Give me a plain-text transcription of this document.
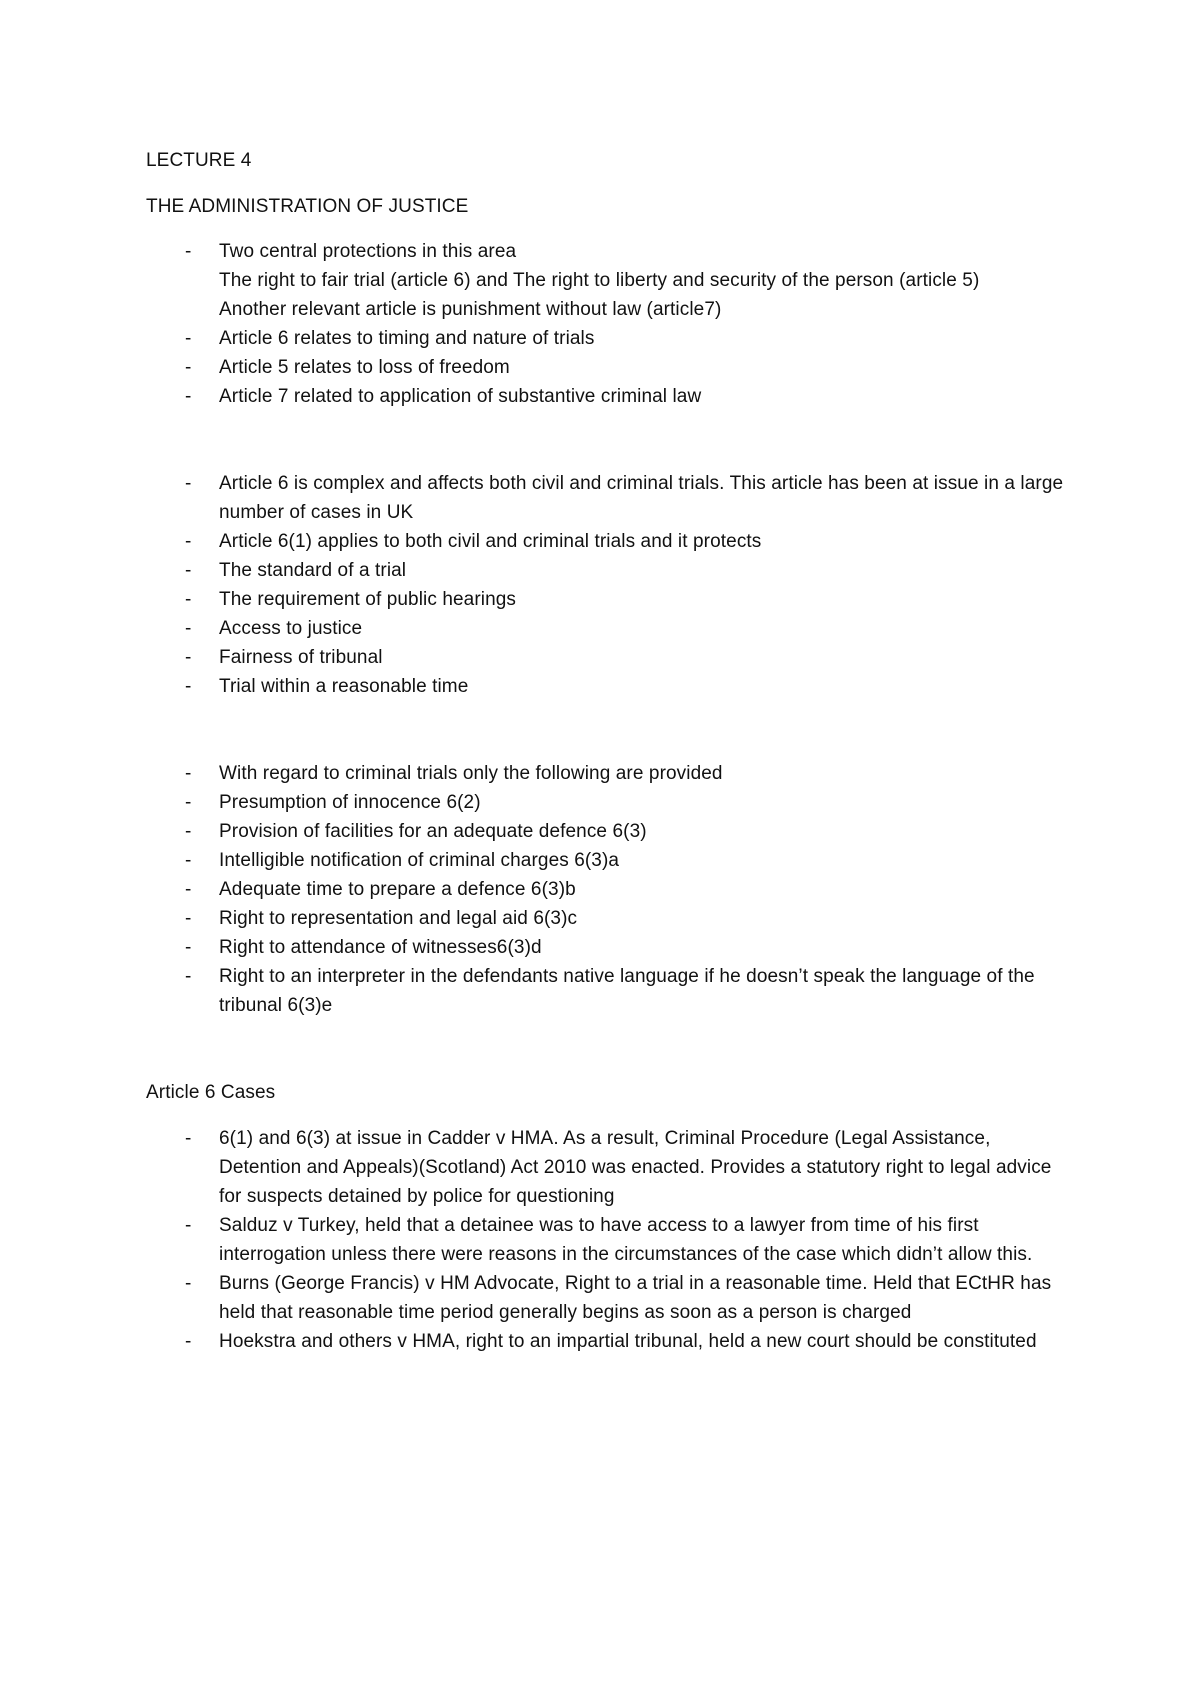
LECTURE 4

THE ADMINISTRATION OF JUSTICE

- Two central protections in this area
The right to fair trial (article 6) and The right to liberty and security of the person (article 5)
Another relevant article is punishment without law (article7)
- Article 6 relates to timing and nature of trials
- Article 5 relates to loss of freedom
- Article 7 related to application of substantive criminal law
- Article 6 is complex and affects both civil and criminal trials. This article has been at issue in a large number of cases in UK
- Article 6(1) applies to both civil and criminal trials and it protects
- The standard of a trial
- The requirement of public hearings
- Access to justice
- Fairness of tribunal
- Trial within a reasonable time
- With regard to criminal trials only the following are provided
- Presumption of innocence 6(2)
- Provision of facilities for an adequate defence 6(3)
- Intelligible notification of criminal charges 6(3)a
- Adequate time to prepare a defence 6(3)b
- Right to representation and legal aid 6(3)c
- Right to attendance of witnesses6(3)d
- Right to an interpreter in the defendants native language if he doesn’t speak the language of the tribunal 6(3)e

Article 6 Cases

- 6(1) and 6(3) at issue in Cadder v HMA. As a result, Criminal Procedure (Legal Assistance, Detention and Appeals)(Scotland) Act 2010 was enacted. Provides a statutory right to legal advice for suspects detained by police for questioning
- Salduz v Turkey, held that a detainee was to have access to a lawyer from time of his first interrogation unless there were reasons in the circumstances of the case which didn’t allow this.
- Burns (George Francis) v HM Advocate, Right to a trial in a reasonable time. Held that ECtHR has held that reasonable time period generally begins as soon as a person is charged
- Hoekstra and others v HMA, right to an impartial tribunal, held a new court should be constituted
